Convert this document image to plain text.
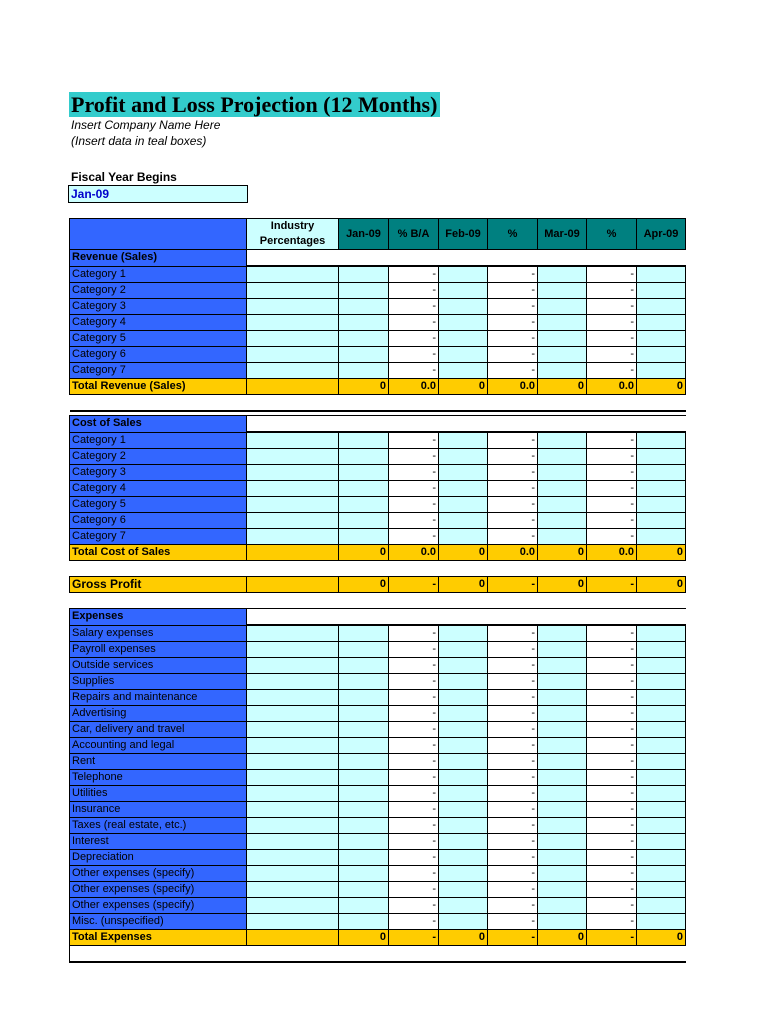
Profit and Loss Projection (12 Months)
Insert Company Name Here
(Insert data in teal boxes)
Fiscal Year Begins
Jan-09
	Industry Percentages	Jan-09	% B/A	Feb-09	%	Mar-09	%	Apr-09
Revenue (Sales)								
Category 1			-		-		-	
Category 2			-		-		-	
Category 3			-		-		-	
Category 4			-		-		-	
Category 5			-		-		-	
Category 6			-		-		-	
Category 7			-		-		-	
Total Revenue (Sales)		0	0.0	0	0.0	0	0.0	0

Cost of Sales								
Category 1			-		-		-	
Category 2			-		-		-	
Category 3			-		-		-	
Category 4			-		-		-	
Category 5			-		-		-	
Category 6			-		-		-	
Category 7			-		-		-	
Total Cost of Sales		0	0.0	0	0.0	0	0.0	0

Gross Profit		0	-	0	-	0	-	0

Expenses								
Salary expenses			-		-		-	
Payroll expenses			-		-		-	
Outside services			-		-		-	
Supplies			-		-		-	
Repairs and maintenance			-		-		-	
Advertising			-		-		-	
Car, delivery and travel			-		-		-	
Accounting and legal			-		-		-	
Rent			-		-		-	
Telephone			-		-		-	
Utilities			-		-		-	
Insurance			-		-		-	
Taxes (real estate, etc.)			-		-		-	
Interest			-		-		-	
Depreciation			-		-		-	
Other expenses (specify)			-		-		-	
Other expenses (specify)			-		-		-	
Other expenses (specify)			-		-		-	
Misc. (unspecified)			-		-		-	
Total Expenses		0	-	0	-	0	-	0
